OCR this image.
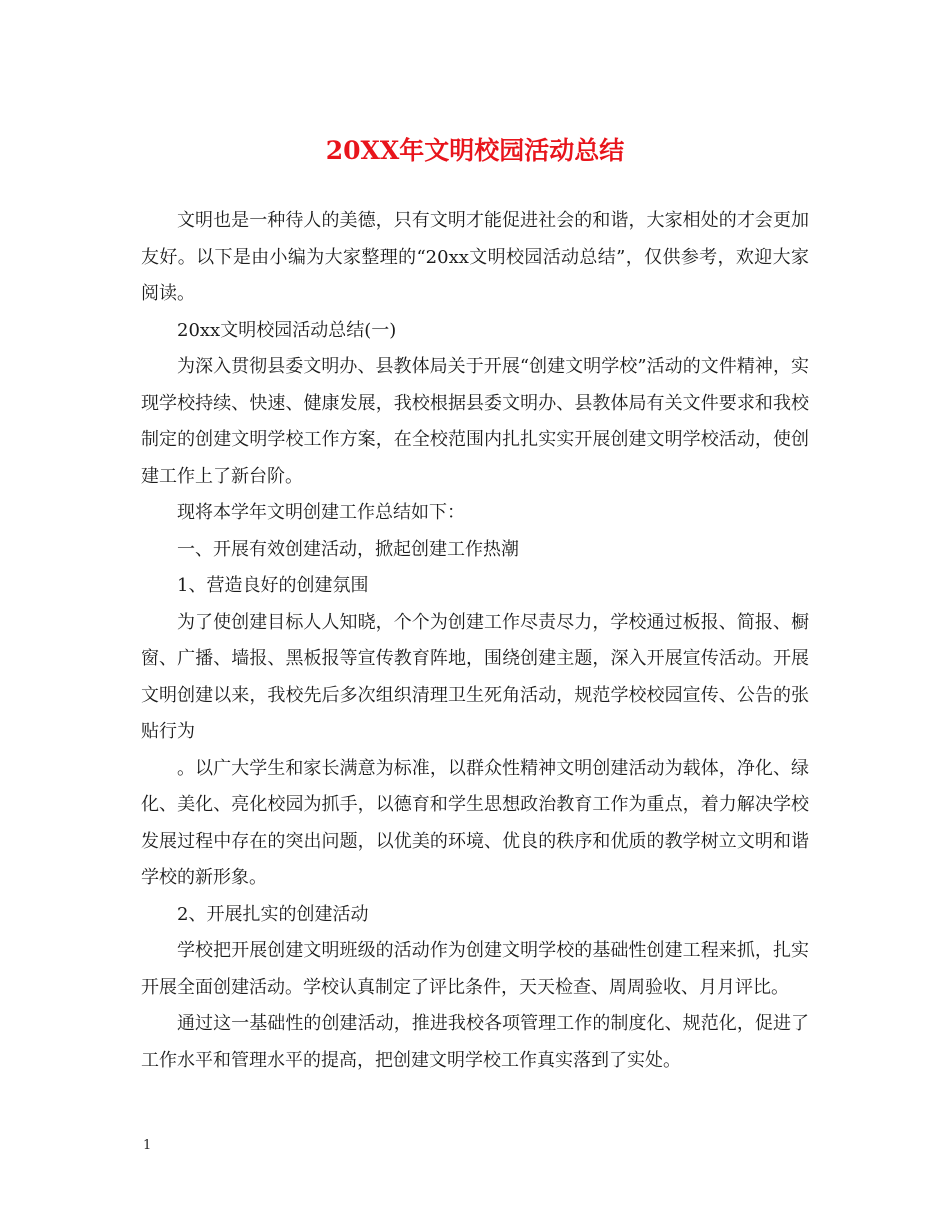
20XX年文明校园活动总结

文明也是一种待人的美德，只有文明才能促进社会的和谐，大家相处的才会更加友好。以下是由小编为大家整理的“20xx文明校园活动总结”，仅供参考，欢迎大家阅读。

20xx文明校园活动总结(一)

为深入贯彻县委文明办、县教体局关于开展“创建文明学校”活动的文件精神，实现学校持续、快速、健康发展，我校根据县委文明办、县教体局有关文件要求和我校制定的创建文明学校工作方案，在全校范围内扎扎实实开展创建文明学校活动，使创建工作上了新台阶。

现将本学年文明创建工作总结如下：

一、开展有效创建活动，掀起创建工作热潮

1、营造良好的创建氛围

为了使创建目标人人知晓，个个为创建工作尽责尽力，学校通过板报、简报、橱窗、广播、墙报、黑板报等宣传教育阵地，围绕创建主题，深入开展宣传活动。开展文明创建以来，我校先后多次组织清理卫生死角活动，规范学校校园宣传、公告的张贴行为

。以广大学生和家长满意为标准，以群众性精神文明创建活动为载体，净化、绿化、美化、亮化校园为抓手，以德育和学生思想政治教育工作为重点，着力解决学校发展过程中存在的突出问题，以优美的环境、优良的秩序和优质的教学树立文明和谐学校的新形象。

2、开展扎实的创建活动

学校把开展创建文明班级的活动作为创建文明学校的基础性创建工程来抓，扎实开展全面创建活动。学校认真制定了评比条件，天天检查、周周验收、月月评比。

通过这一基础性的创建活动，推进我校各项管理工作的制度化、规范化，促进了工作水平和管理水平的提高，把创建文明学校工作真实落到了实处。

1
